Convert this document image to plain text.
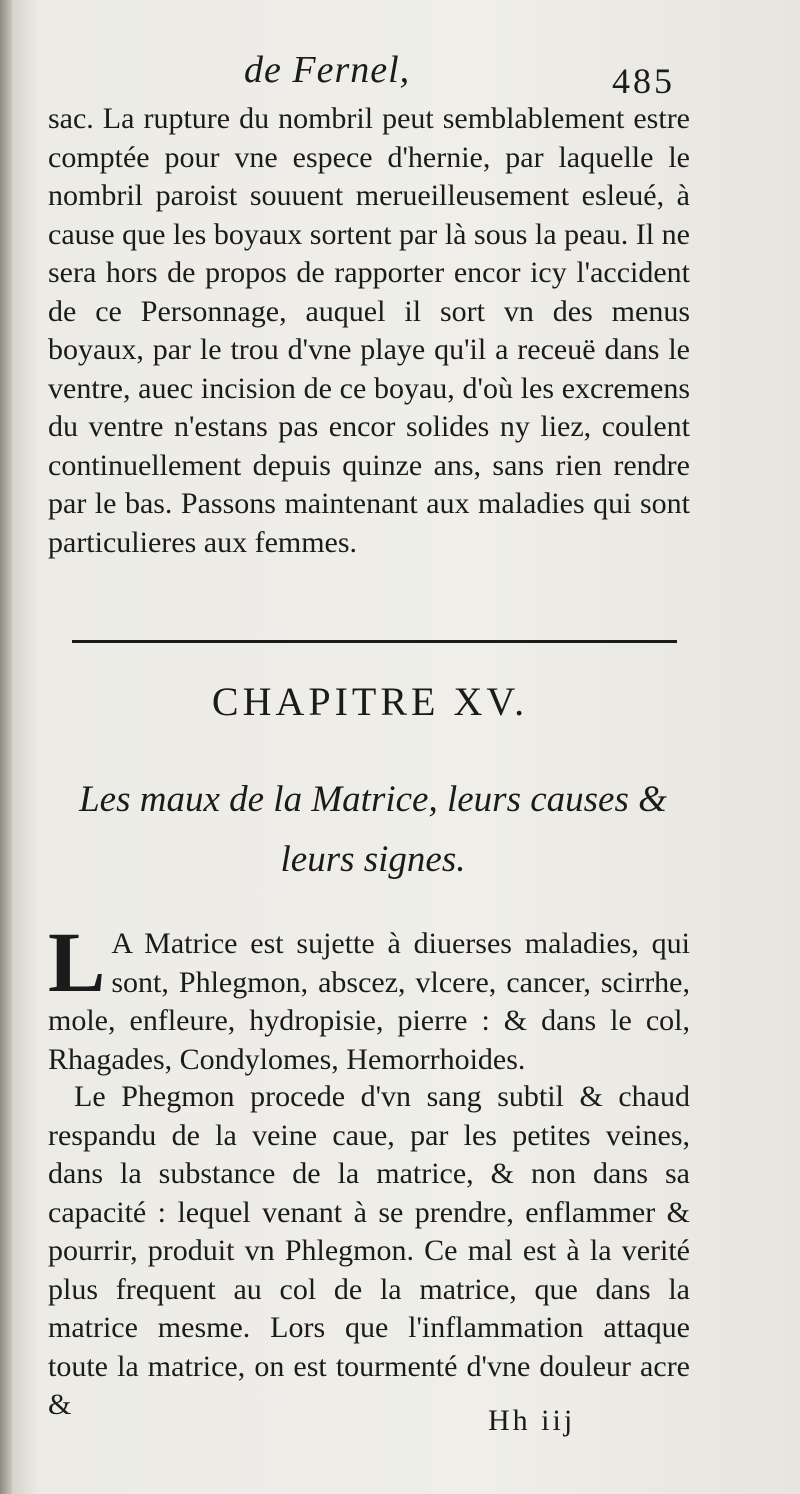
de Fernel,	485
sac. La rupture du nombril peut semblablement estre comptée pour vne espece d'hernie, par laquelle le nombril paroist souuent merueilleusement esleué, à cause que les boyaux sortent par là sous la peau. Il ne sera hors de propos de rapporter encor icy l'accident de ce Personnage, auquel il sort vn des menus boyaux, par le trou d'vne playe qu'il a receuë dans le ventre, auec incision de ce boyau, d'où les excremens du ventre n'estans pas encor solides ny liez, coulent continuellement depuis quinze ans, sans rien rendre par le bas. Passons maintenant aux maladies qui sont particulieres aux femmes.
CHAPITRE XV.
Les maux de la Matrice, leurs causes & leurs signes.
L A Matrice est sujette à diuerses maladies, qui sont, Phlegmon, abscez, vlcere, cancer, scirrhe, mole, enfleure, hydropisie, pierre : & dans le col, Rhagades, Condylomes, Hemorrhoides.
Le Phegmon procede d'vn sang subtil & chaud respandu de la veine caue, par les petites veines, dans la substance de la matrice, & non dans sa capacité : lequel venant à se prendre, enflammer & pourrir, produit vn Phlegmon. Ce mal est à la verité plus frequent au col de la matrice, que dans la matrice mesme. Lors que l'inflammation attaque toute la matrice, on est tourmenté d'vne douleur acre &	Hh iij
